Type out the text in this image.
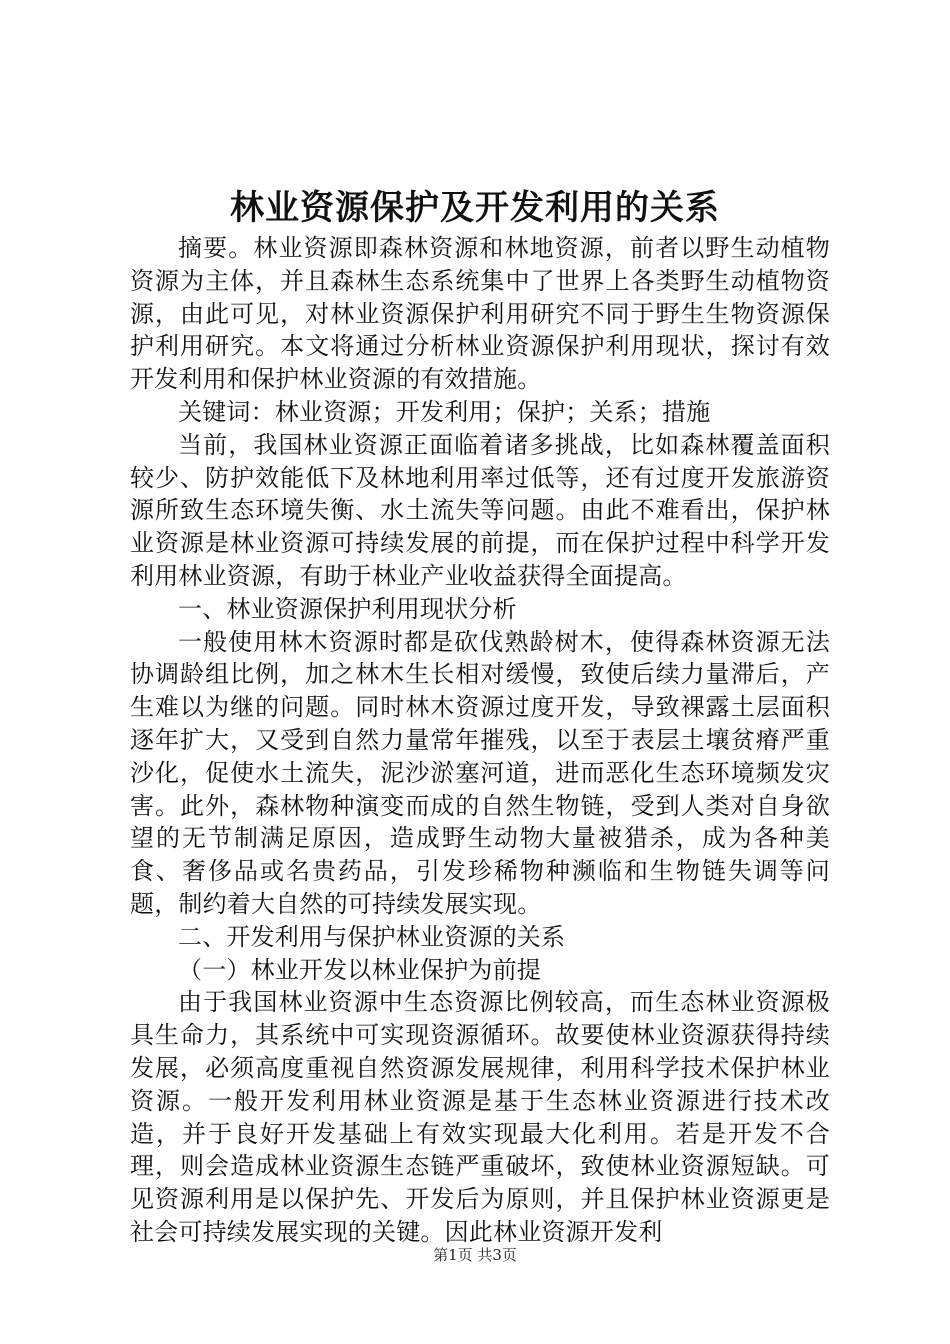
林业资源保护及开发利用的关系

摘要。林业资源即森林资源和林地资源，前者以野生动植物资源为主体，并且森林生态系统集中了世界上各类野生动植物资源，由此可见，对林业资源保护利用研究不同于野生生物资源保护利用研究。本文将通过分析林业资源保护利用现状，探讨有效开发利用和保护林业资源的有效措施。

关键词：林业资源；开发利用；保护；关系；措施

当前，我国林业资源正面临着诸多挑战，比如森林覆盖面积较少、防护效能低下及林地利用率过低等，还有过度开发旅游资源所致生态环境失衡、水土流失等问题。由此不难看出，保护林业资源是林业资源可持续发展的前提，而在保护过程中科学开发利用林业资源，有助于林业产业收益获得全面提高。

一、林业资源保护利用现状分析

一般使用林木资源时都是砍伐熟龄树木，使得森林资源无法协调龄组比例，加之林木生长相对缓慢，致使后续力量滞后，产生难以为继的问题。同时林木资源过度开发，导致裸露土层面积逐年扩大，又受到自然力量常年摧残，以至于表层土壤贫瘠严重沙化，促使水土流失，泥沙淤塞河道，进而恶化生态环境频发灾害。此外，森林物种演变而成的自然生物链，受到人类对自身欲望的无节制满足原因，造成野生动物大量被猎杀，成为各种美食、奢侈品或名贵药品，引发珍稀物种濒临和生物链失调等问题，制约着大自然的可持续发展实现。

二、开发利用与保护林业资源的关系

（一）林业开发以林业保护为前提

由于我国林业资源中生态资源比例较高，而生态林业资源极具生命力，其系统中可实现资源循环。故要使林业资源获得持续发展，必须高度重视自然资源发展规律，利用科学技术保护林业资源。一般开发利用林业资源是基于生态林业资源进行技术改造，并于良好开发基础上有效实现最大化利用。若是开发不合理，则会造成林业资源生态链严重破坏，致使林业资源短缺。可见资源利用是以保护先、开发后为原则，并且保护林业资源更是社会可持续发展实现的关键。因此林业资源开发利

第1页 共3页
